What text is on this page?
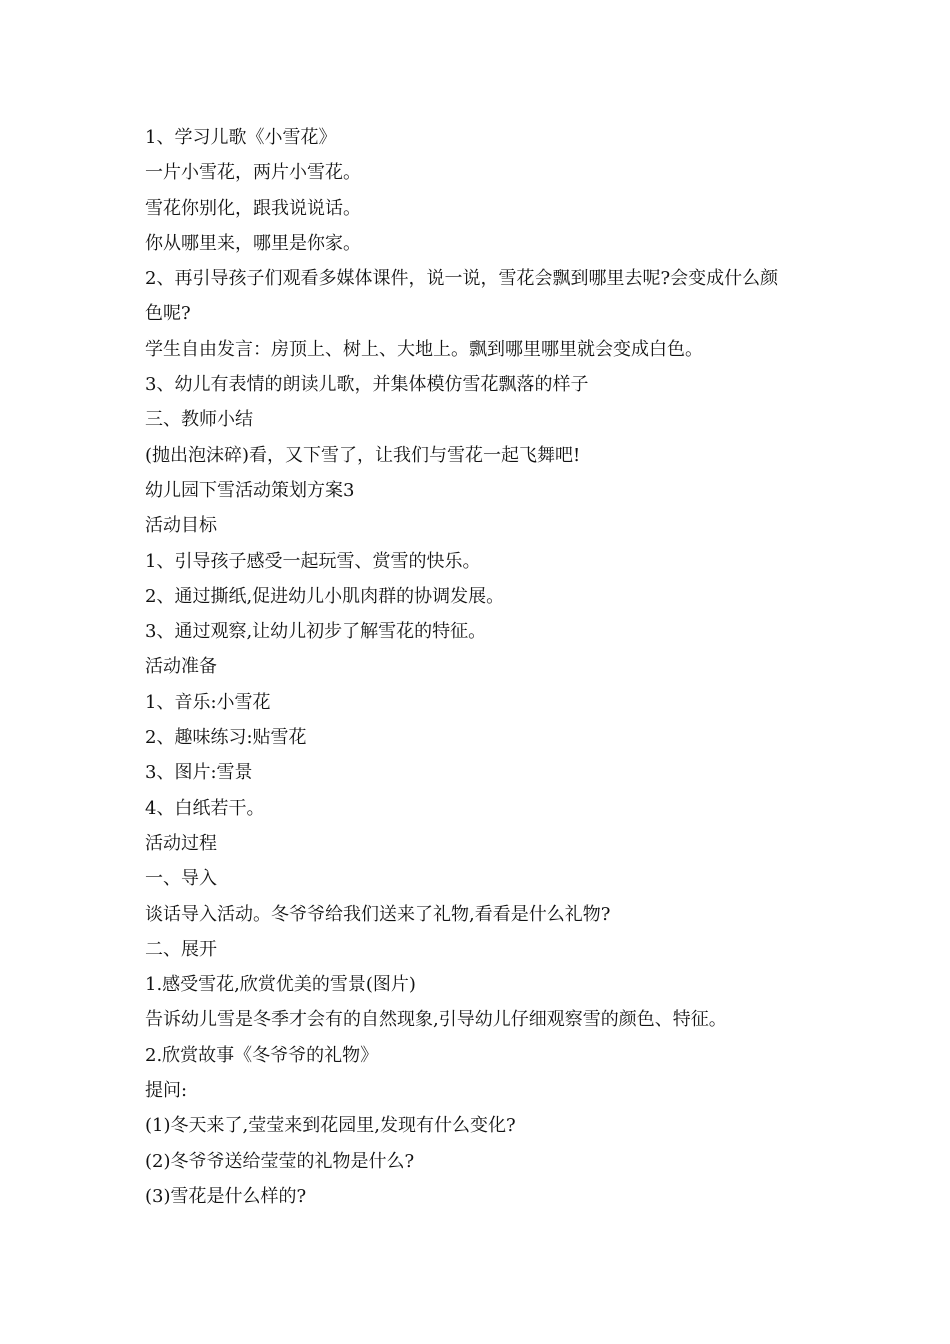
1、学习儿歌《小雪花》

一片小雪花，两片小雪花。

雪花你别化，跟我说说话。

你从哪里来，哪里是你家。

2、再引导孩子们观看多媒体课件，说一说，雪花会飘到哪里去呢?会变成什么颜

色呢?

学生自由发言：房顶上、树上、大地上。飘到哪里哪里就会变成白色。

3、幼儿有表情的朗读儿歌，并集体模仿雪花飘落的样子

三、教师小结

(抛出泡沫碎)看，又下雪了，让我们与雪花一起飞舞吧!

幼儿园下雪活动策划方案3

活动目标

1、引导孩子感受一起玩雪、赏雪的快乐。

2、通过撕纸,促进幼儿小肌肉群的协调发展。

3、通过观察,让幼儿初步了解雪花的特征。

活动准备

1、音乐:小雪花

2、趣味练习:贴雪花

3、图片:雪景

4、白纸若干。

活动过程

一、导入

谈话导入活动。冬爷爷给我们送来了礼物,看看是什么礼物?

二、展开

1.感受雪花,欣赏优美的雪景(图片)

告诉幼儿雪是冬季才会有的自然现象,引导幼儿仔细观察雪的颜色、特征。

2.欣赏故事《冬爷爷的礼物》

提问:

(1)冬天来了,莹莹来到花园里,发现有什么变化?

(2)冬爷爷送给莹莹的礼物是什么?

(3)雪花是什么样的?
